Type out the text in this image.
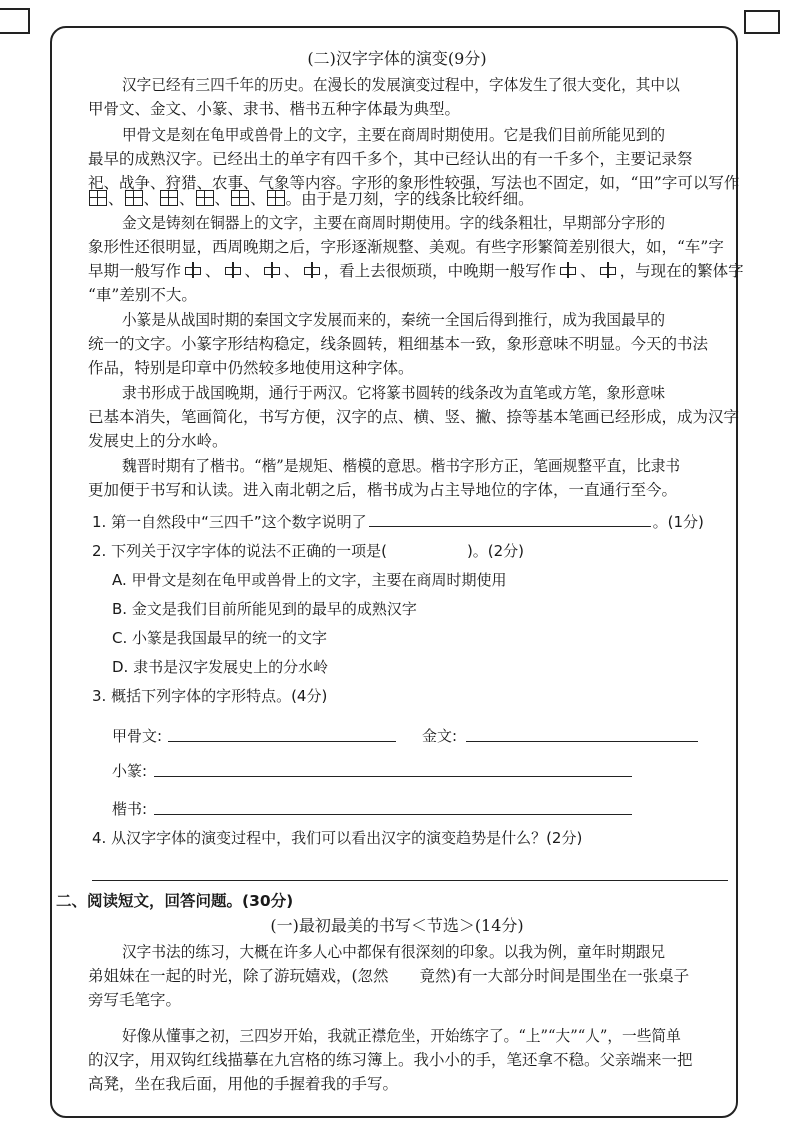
(二)汉字字体的演变(9分)
汉字已经有三四千年的历史。在漫长的发展演变过程中，字体发生了很大变化，其中以
甲骨文、金文、小篆、隶书、楷书五种字体最为典型。
甲骨文是刻在龟甲或兽骨上的文字，主要在商周时期使用。它是我们目前所能见到的
最早的成熟汉字。已经出土的单字有四千多个，其中已经认出的有一千多个，主要记录祭
祀、战争、狩猎、农事、气象等内容。字形的象形性较强，写法也不固定，如，“田”字可以写作
、 、 、 、 、 。由于是刀刻，字的线条比较纤细。
金文是铸刻在铜器上的文字，主要在商周时期使用。字的线条粗壮，早期部分字形的
象形性还很明显，西周晚期之后，字形逐渐规整、美观。有些字形繁简差别很大，如，“车”字
早期一般写作 、 、 、 ，看上去很烦琐，中晚期一般写作 、 ，与现在的繁体字
“車”差别不大。
小篆是从战国时期的秦国文字发展而来的，秦统一全国后得到推行，成为我国最早的
统一的文字。小篆字形结构稳定，线条圆转，粗细基本一致，象形意味不明显。今天的书法
作品，特别是印章中仍然较多地使用这种字体。
隶书形成于战国晚期，通行于两汉。它将篆书圆转的线条改为直笔或方笔，象形意味
已基本消失，笔画简化，书写方便，汉字的点、横、竖、撇、捺等基本笔画已经形成，成为汉字
发展史上的分水岭。
魏晋时期有了楷书。“楷”是规矩、楷模的意思。楷书字形方正，笔画规整平直，比隶书
更加便于书写和认读。进入南北朝之后，楷书成为占主导地位的字体，一直通行至今。
1. 第一自然段中“三四千”这个数字说明了	。(1分)
2. 下列关于汉字字体的说法不正确的一项是(	)。(2分)
A. 甲骨文是刻在龟甲或兽骨上的文字，主要在商周时期使用
B. 金文是我们目前所能见到的最早的成熟汉字
C. 小篆是我国最早的统一的文字
D. 隶书是汉字发展史上的分水岭
3. 概括下列字体的字形特点。(4分)
甲骨文:	金文:
小篆:
楷书:
4. 从汉字字体的演变过程中，我们可以看出汉字的演变趋势是什么？(2分)
二、阅读短文，回答问题。(30分)
(一)最初最美的书写＜节选＞(14分)
汉字书法的练习，大概在许多人心中都保有很深刻的印象。以我为例，童年时期跟兄
弟姐妹在一起的时光，除了游玩嬉戏，(忽然　　竟然)有一大部分时间是围坐在一张桌子
旁写毛笔字。
好像从懂事之初，三四岁开始，我就正襟危坐，开始练字了。“上”“大”“人”，一些简单
的汉字，用双钩红线描摹在九宫格的练习簿上。我小小的手，笔还拿不稳。父亲端来一把
高凳，坐在我后面，用他的手握着我的手写。
